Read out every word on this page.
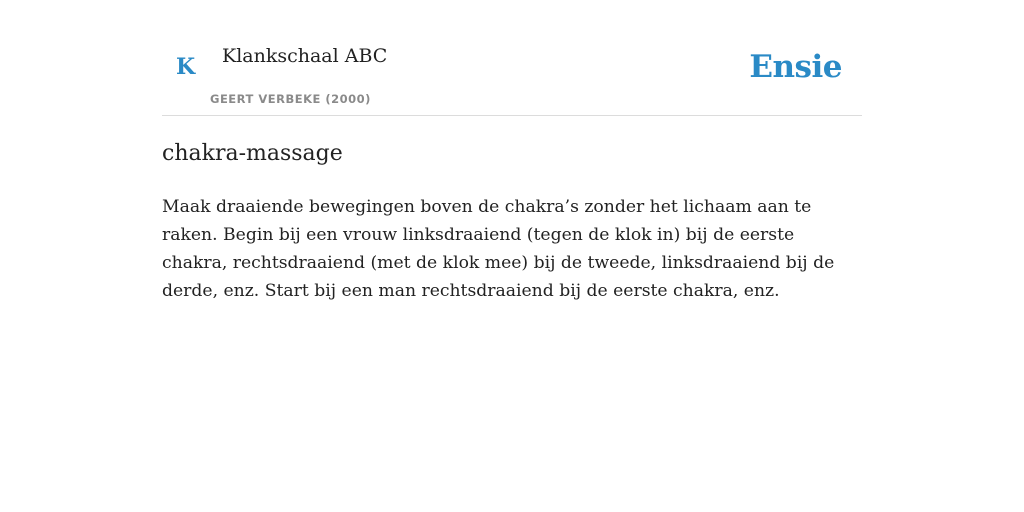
K Klankschaal ABC
GEERT VERBEKE (2000)
Ensie
chakra-massage

Maak draaiende bewegingen boven de chakra’s zonder het lichaam aan te raken. Begin bij een vrouw linksdraaiend (tegen de klok in) bij de eerste chakra, rechtsdraaiend (met de klok mee) bij de tweede, linksdraaiend bij de derde, enz. Start bij een man rechtsdraaiend bij de eerste chakra, enz.
